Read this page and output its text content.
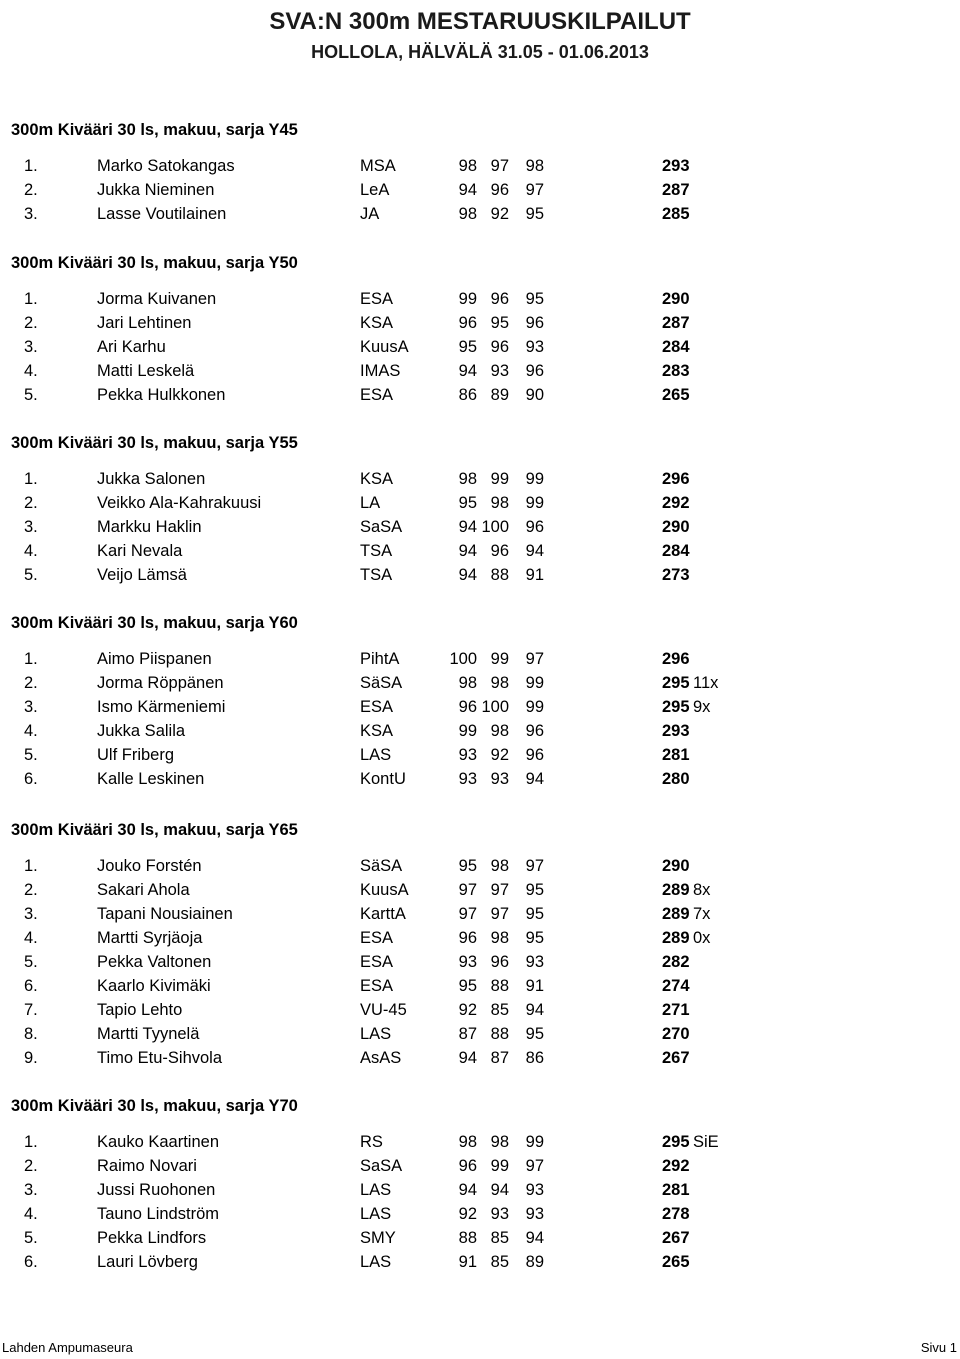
SVA:N 300m MESTARUUSKILPAILUT
HOLLOLA, HÄLVÄLÄ 31.05 - 01.06.2013
300m Kivääri 30 ls, makuu, sarja Y45
1.	Marko Satokangas	MSA	98 97	98	293
2.	Jukka Nieminen	LeA	94 96	97	287
3.	Lasse Voutilainen	JA	98 92	95	285
300m Kivääri 30 ls, makuu, sarja Y50
1.	Jorma Kuivanen	ESA	99 96	95	290
2.	Jari Lehtinen	KSA	96 95	96	287
3.	Ari Karhu	KuusA	95 96	93	284
4.	Matti Leskelä	IMAS	94 93	96	283
5.	Pekka Hulkkonen	ESA	86 89	90	265
300m Kivääri 30 ls, makuu, sarja Y55
1.	Jukka Salonen	KSA	98 99	99	296
2.	Veikko Ala-Kahrakuusi	LA	95 98	99	292
3.	Markku Haklin	SaSA	94 100	96	290
4.	Kari Nevala	TSA	94 96	94	284
5.	Veijo Lämsä	TSA	94 88	91	273
300m Kivääri 30 ls, makuu, sarja Y60
1.	Aimo Piispanen	PihtA	100 99	97	296
2.	Jorma Röppänen	SäSA	98 98	99	295 11x
3.	Ismo Kärmeniemi	ESA	96 100	99	295 9x
4.	Jukka Salila	KSA	99 98	96	293
5.	Ulf Friberg	LAS	93 92	96	281
6.	Kalle Leskinen	KontU	93 93	94	280
300m Kivääri 30 ls, makuu, sarja Y65
1.	Jouko Forstén	SäSA	95 98	97	290
2.	Sakari Ahola	KuusA	97 97	95	289 8x
3.	Tapani Nousiainen	KarttA	97 97	95	289 7x
4.	Martti Syrjäoja	ESA	96 98	95	289 0x
5.	Pekka Valtonen	ESA	93 96	93	282
6.	Kaarlo Kivimäki	ESA	95 88	91	274
7.	Tapio Lehto	VU-45	92 85	94	271
8.	Martti Tyynelä	LAS	87 88	95	270
9.	Timo Etu-Sihvola	AsAS	94 87	86	267
300m Kivääri 30 ls, makuu, sarja Y70
1.	Kauko Kaartinen	RS	98 98	99	295 SiE
2.	Raimo Novari	SaSA	96 99	97	292
3.	Jussi Ruohonen	LAS	94 94	93	281
4.	Tauno Lindström	LAS	92 93	93	278
5.	Pekka Lindfors	SMY	88 85	94	267
6.	Lauri Lövberg	LAS	91 85	89	265
Lahden Ampumaseura	Sivu 1
